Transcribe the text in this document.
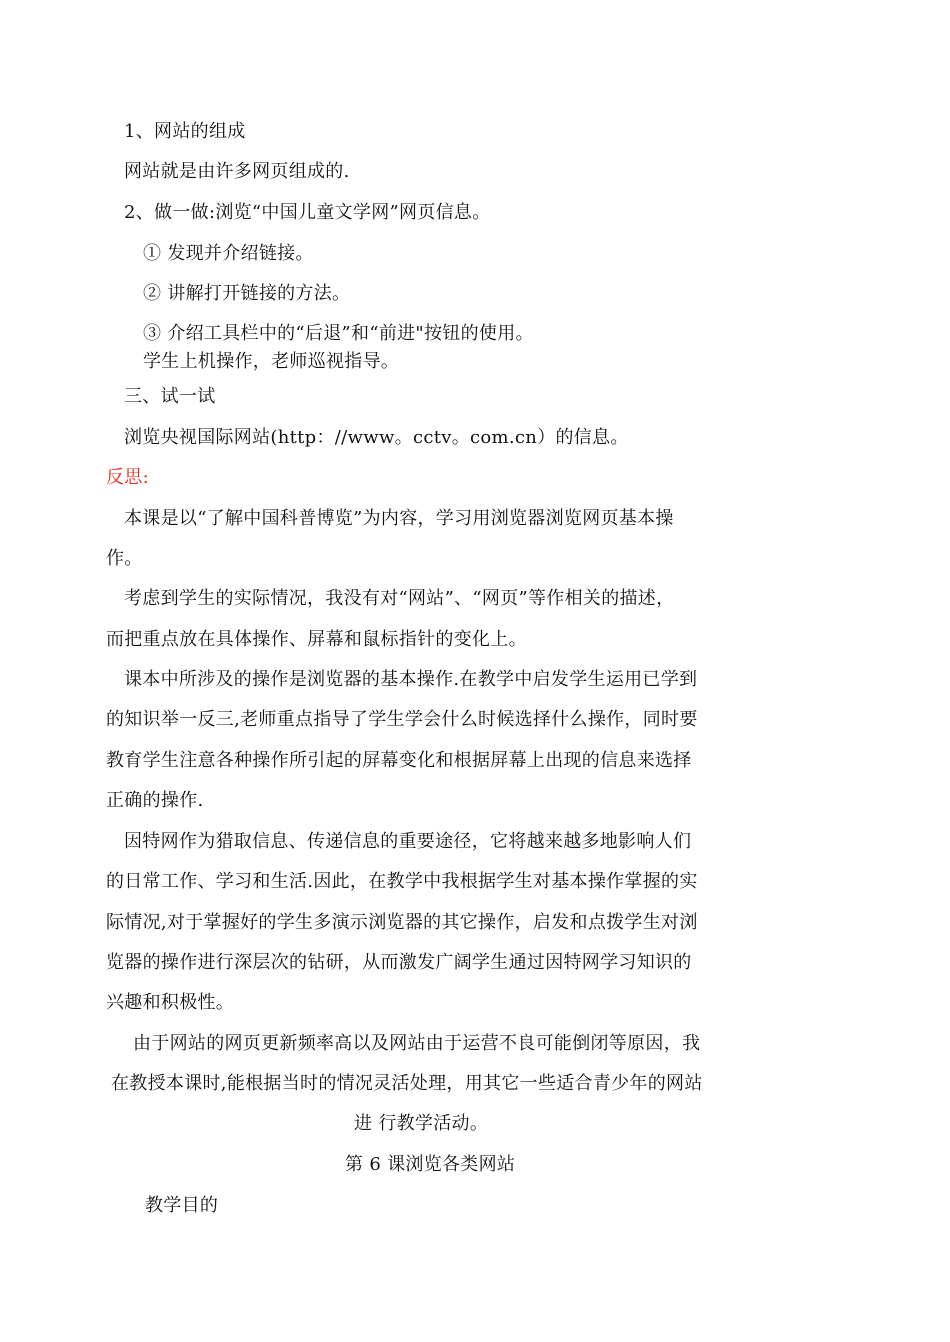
1、网站的组成
网站就是由许多网页组成的.
2、做一做:浏览“中国儿童文学网”网页信息。
① 发现并介绍链接。
② 讲解打开链接的方法。
③ 介绍工具栏中的“后退”和“前进"按钮的使用。
学生上机操作，老师巡视指导。
三、试一试
浏览央视国际网站(http：//www。cctv。com.cn）的信息。
反思:
本课是以“了解中国科普博览”为内容，学习用浏览器浏览网页基本操
作。
考虑到学生的实际情况，我没有对“网站”、“网页”等作相关的描述，
而把重点放在具体操作、屏幕和鼠标指针的变化上。
课本中所涉及的操作是浏览器的基本操作.在教学中启发学生运用已学到
的知识举一反三,老师重点指导了学生学会什么时候选择什么操作，同时要
教育学生注意各种操作所引起的屏幕变化和根据屏幕上出现的信息来选择
正确的操作.
因特网作为猎取信息、传递信息的重要途径，它将越来越多地影响人们
的日常工作、学习和生活.因此，在教学中我根据学生对基本操作掌握的实
际情况,对于掌握好的学生多演示浏览器的其它操作，启发和点拨学生对浏
览器的操作进行深层次的钻研，从而激发广阔学生通过因特网学习知识的
兴趣和积极性。
由于网站的网页更新频率高以及网站由于运营不良可能倒闭等原因，我
在教授本课时,能根据当时的情况灵活处理，用其它一些适合青少年的网站
进 行教学活动。
第 6 课浏览各类网站
教学目的
